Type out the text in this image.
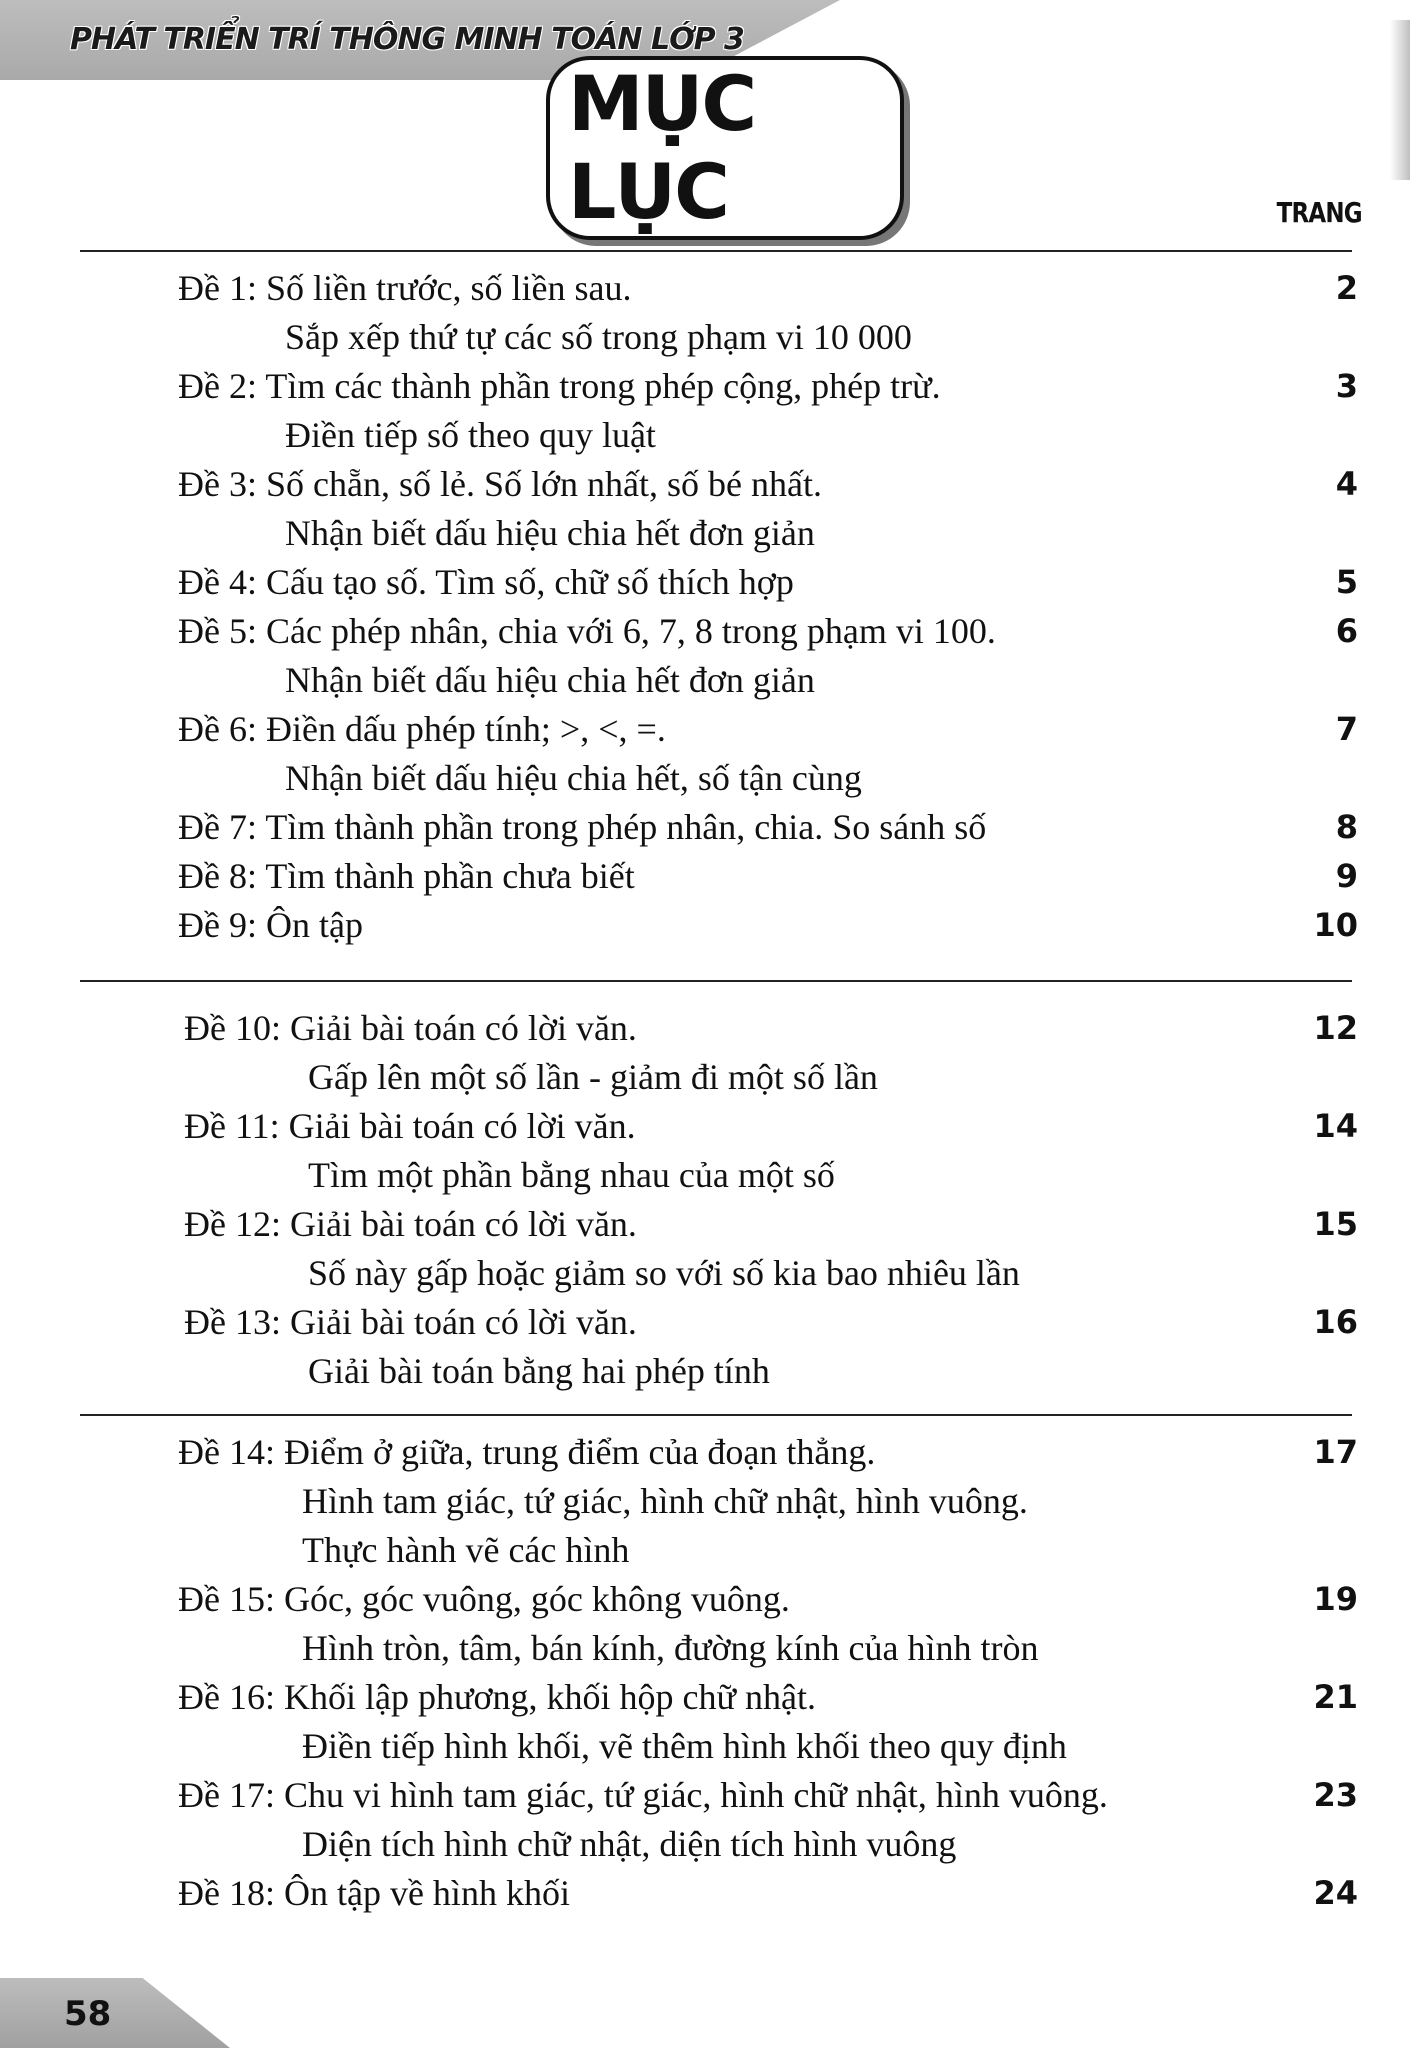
PHÁT TRIỂN TRÍ THÔNG MINH TOÁN LỚP 3
MỤC LỤC	TRANG
Đề 1: Số liền trước, số liền sau.	2
Sắp xếp thứ tự các số trong phạm vi 10 000
Đề 2: Tìm các thành phần trong phép cộng, phép trừ.	3
Điền tiếp số theo quy luật
Đề 3: Số chẵn, số lẻ. Số lớn nhất, số bé nhất.	4
Nhận biết dấu hiệu chia hết đơn giản
Đề 4: Cấu tạo số. Tìm số, chữ số thích hợp	5
Đề 5: Các phép nhân, chia với 6, 7, 8 trong phạm vi 100.	6
Nhận biết dấu hiệu chia hết đơn giản
Đề 6: Điền dấu phép tính; >, <, =.	7
Nhận biết dấu hiệu chia hết, số tận cùng
Đề 7: Tìm thành phần trong phép nhân, chia. So sánh số	8
Đề 8: Tìm thành phần chưa biết	9
Đề 9: Ôn tập	10
Đề 10: Giải bài toán có lời văn.	12
Gấp lên một số lần - giảm đi một số lần
Đề 11: Giải bài toán có lời văn.	14
Tìm một phần bằng nhau của một số
Đề 12: Giải bài toán có lời văn.	15
Số này gấp hoặc giảm so với số kia bao nhiêu lần
Đề 13: Giải bài toán có lời văn.	16
Giải bài toán bằng hai phép tính
Đề 14: Điểm ở giữa, trung điểm của đoạn thẳng.	17
Hình tam giác, tứ giác, hình chữ nhật, hình vuông.
Thực hành vẽ các hình
Đề 15: Góc, góc vuông, góc không vuông.	19
Hình tròn, tâm, bán kính, đường kính của hình tròn
Đề 16: Khối lập phương, khối hộp chữ nhật.	21
Điền tiếp hình khối, vẽ thêm hình khối theo quy định
Đề 17: Chu vi hình tam giác, tứ giác, hình chữ nhật, hình vuông.	23
Diện tích hình chữ nhật, diện tích hình vuông
Đề 18: Ôn tập về hình khối	24
58
